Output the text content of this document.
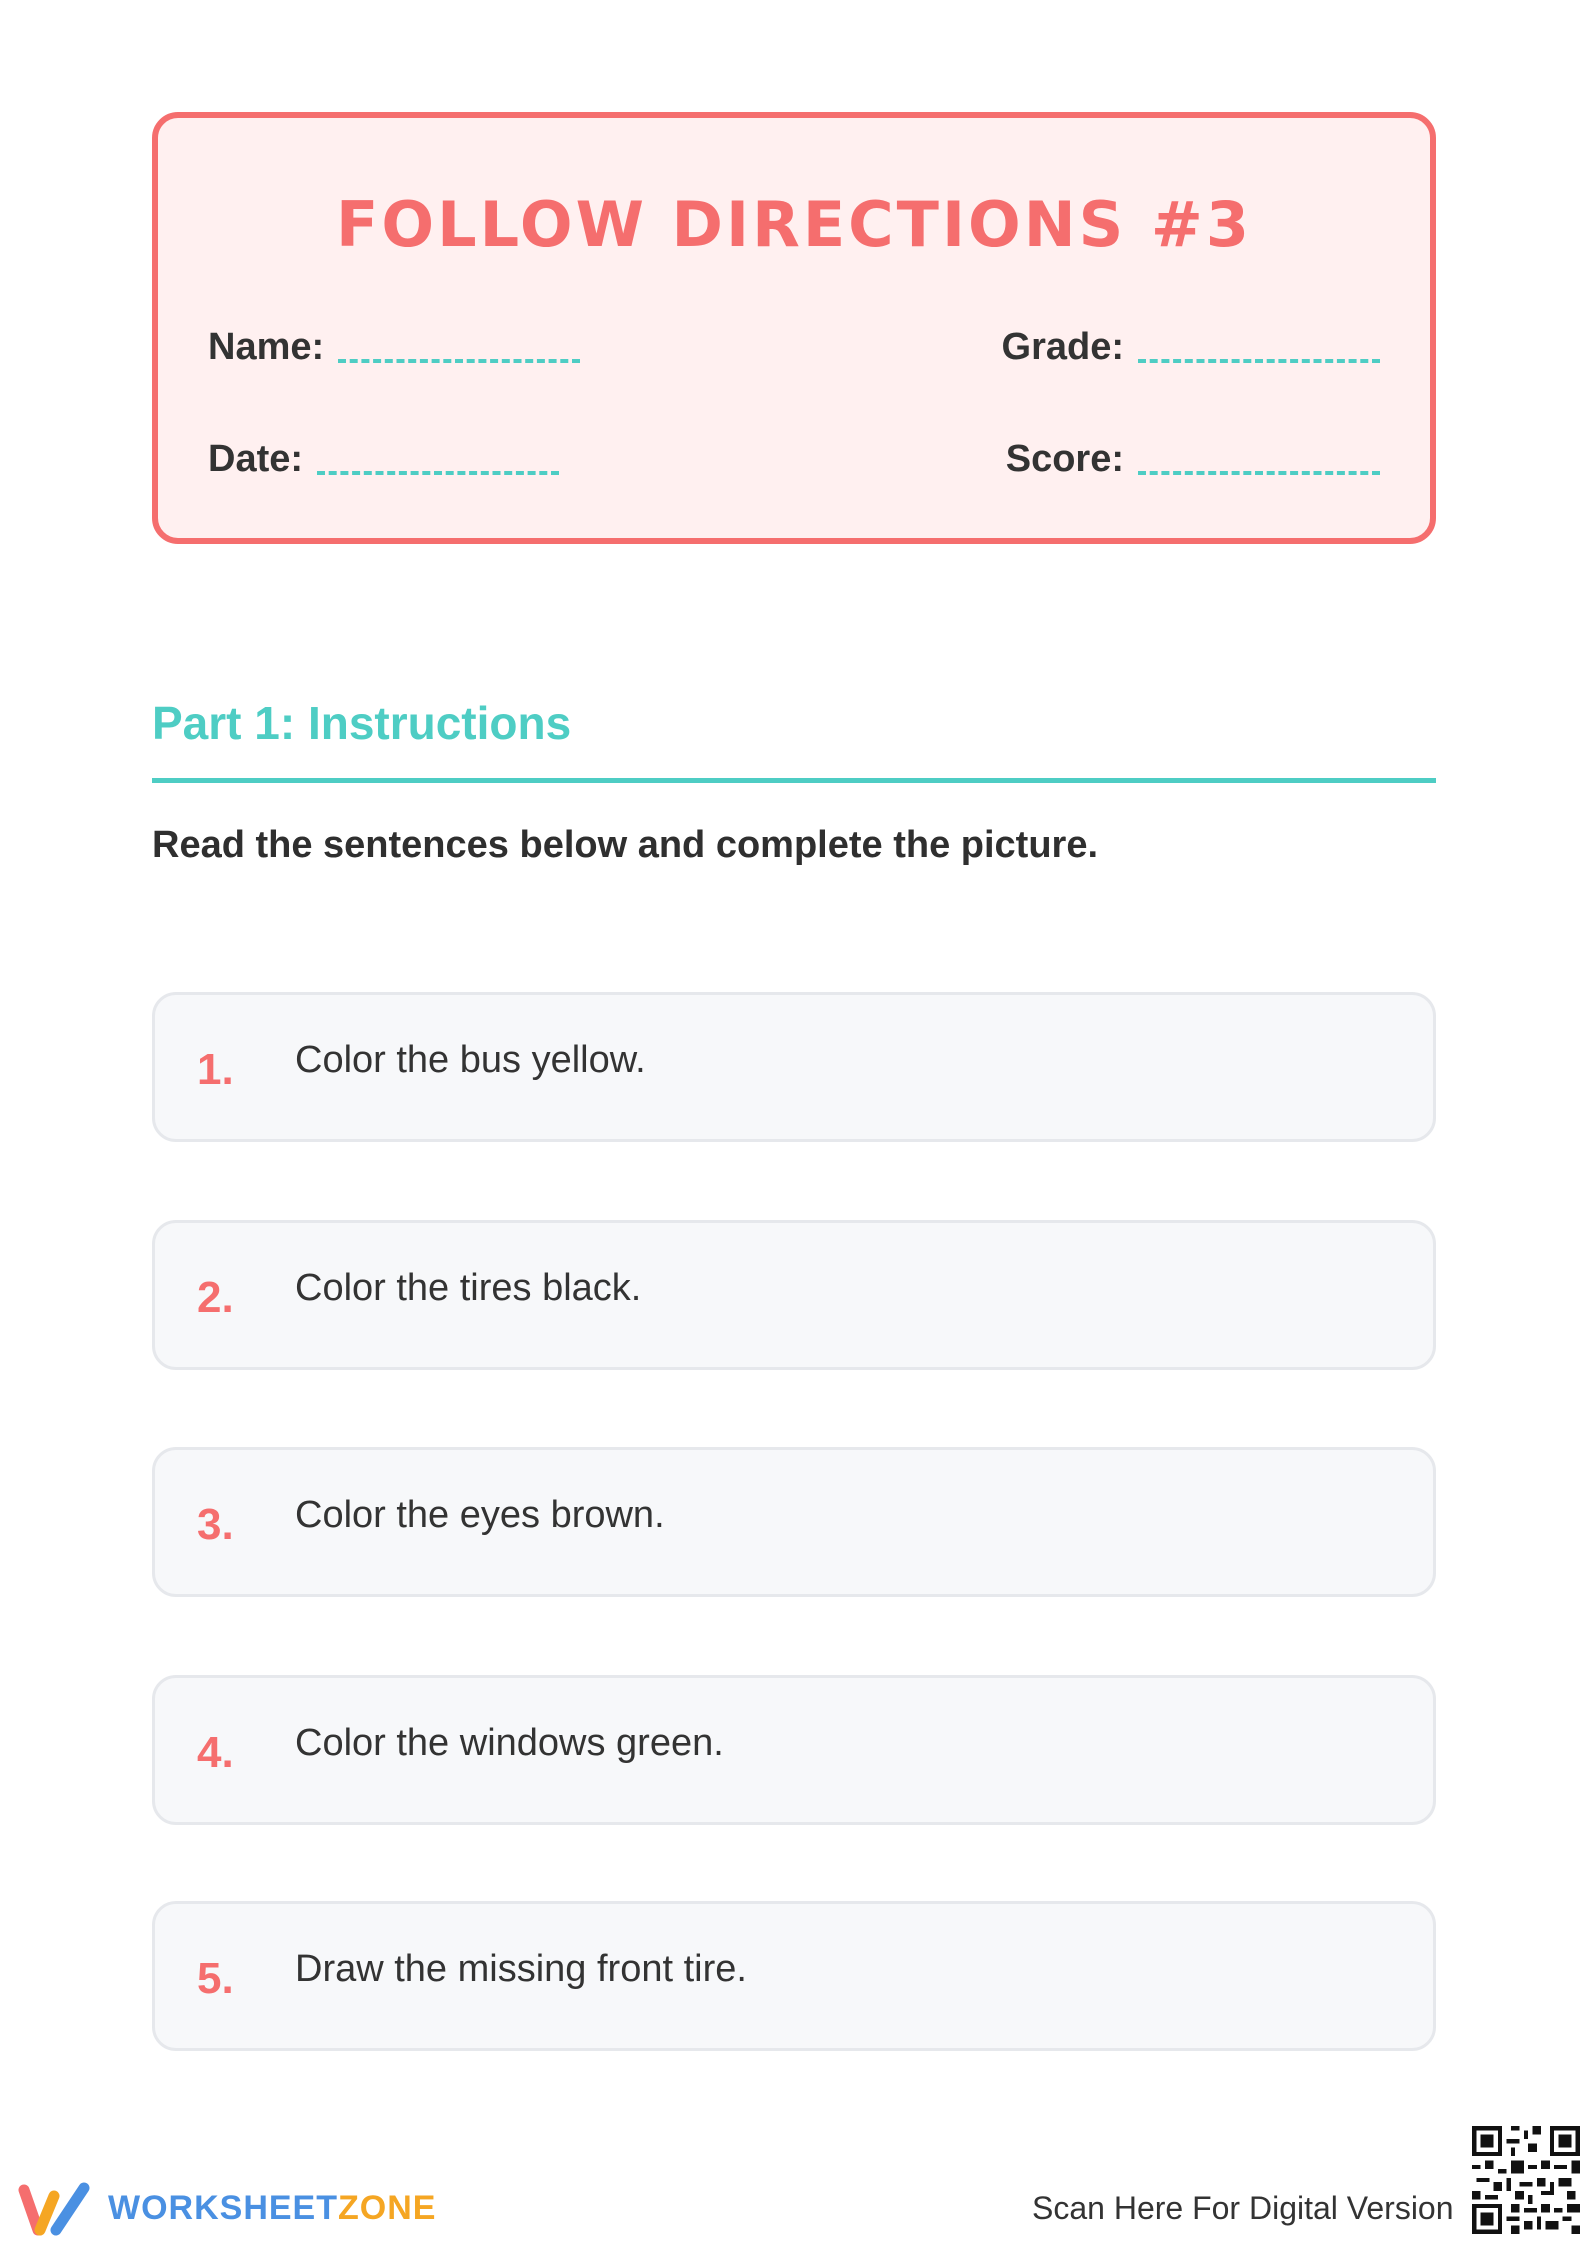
FOLLOW DIRECTIONS #3
Name:	Grade:
Date:	Score:
Part 1: Instructions
Read the sentences below and complete the picture.
1. Color the bus yellow.
2. Color the tires black.
3. Color the eyes brown.
4. Color the windows green.
5. Draw the missing front tire.
WORKSHEETZONE	Scan Here For Digital Version
